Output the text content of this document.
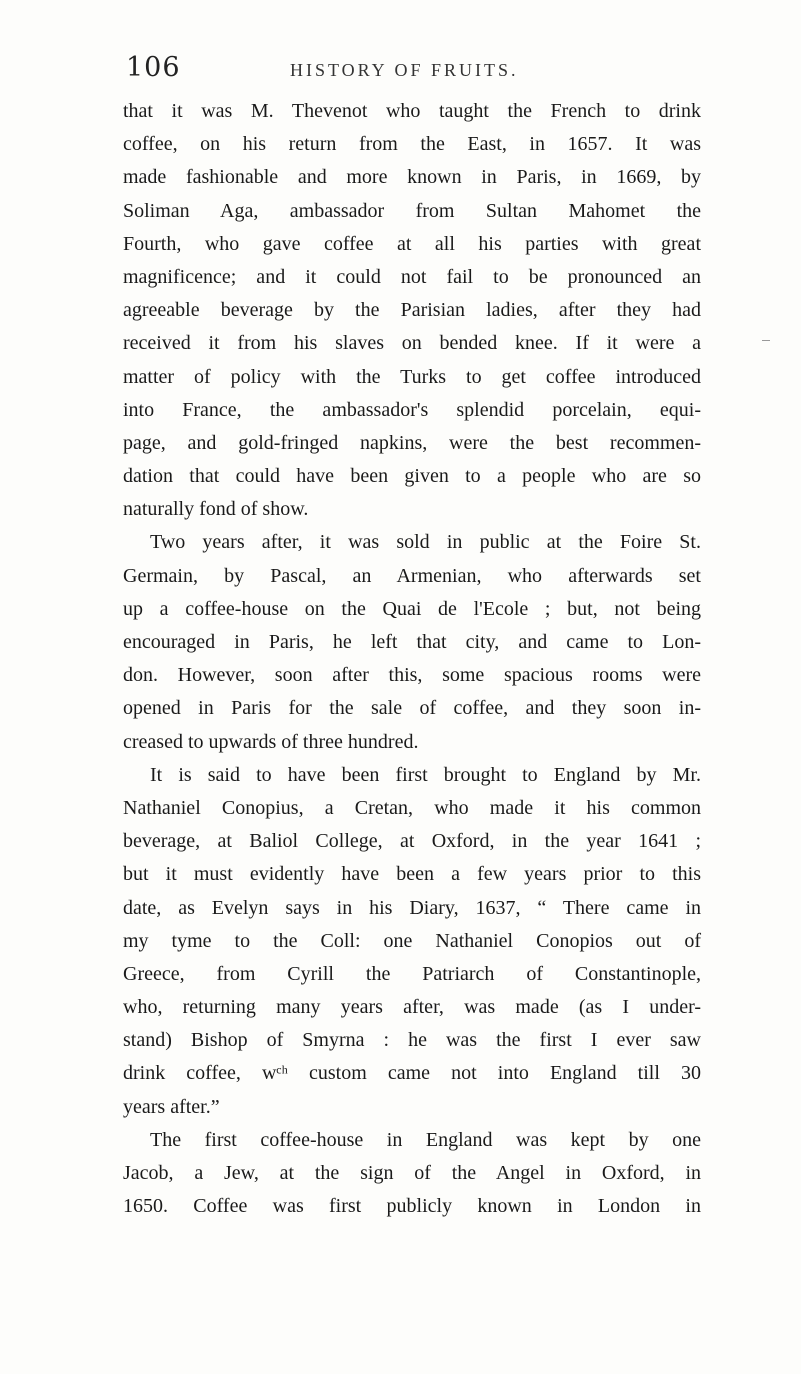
106	HISTORY OF FRUITS.
that it was M. Thevenot who taught the French to drink
coffee, on his return from the East, in 1657. It was
made fashionable and more known in Paris, in 1669, by
Soliman Aga, ambassador from Sultan Mahomet the
Fourth, who gave coffee at all his parties with great
magnificence; and it could not fail to be pronounced an
agreeable beverage by the Parisian ladies, after they had
received it from his slaves on bended knee. If it were a
matter of policy with the Turks to get coffee introduced
into France, the ambassador's splendid porcelain, equi-
page, and gold-fringed napkins, were the best recommen-
dation that could have been given to a people who are so
naturally fond of show.
Two years after, it was sold in public at the Foire St.
Germain, by Pascal, an Armenian, who afterwards set
up a coffee-house on the Quai de l'Ecole ; but, not being
encouraged in Paris, he left that city, and came to Lon-
don. However, soon after this, some spacious rooms were
opened in Paris for the sale of coffee, and they soon in-
creased to upwards of three hundred.
It is said to have been first brought to England by Mr.
Nathaniel Conopius, a Cretan, who made it his common
beverage, at Baliol College, at Oxford, in the year 1641 ;
but it must evidently have been a few years prior to this
date, as Evelyn says in his Diary, 1637, “ There came in
my tyme to the Coll: one Nathaniel Conopios out of
Greece, from Cyrill the Patriarch of Constantinople,
who, returning many years after, was made (as I under-
stand) Bishop of Smyrna : he was the first I ever saw
drink coffee, wᶜʰ custom came not into England till 30
years after.”
The first coffee-house in England was kept by one
Jacob, a Jew, at the sign of the Angel in Oxford, in
1650. Coffee was first publicly known in London in
